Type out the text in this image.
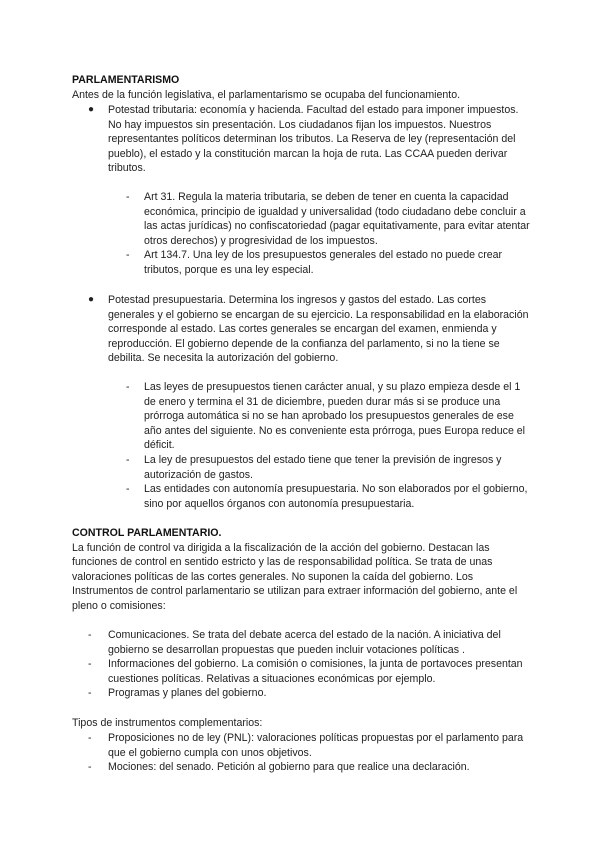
PARLAMENTARISMO
Antes de la función legislativa, el parlamentarismo se ocupaba del funcionamiento.
●	Potestad tributaria: economía y hacienda. Facultad del estado para imponer impuestos. No hay impuestos sin presentación. Los ciudadanos fijan los impuestos. Nuestros representantes políticos determinan los tributos. La Reserva de ley (representación del pueblo), el estado y la constitución marcan la hoja de ruta. Las CCAA pueden derivar tributos.
-	Art 31. Regula la materia tributaria, se deben de tener en cuenta la capacidad económica, principio de igualdad y universalidad (todo ciudadano debe concluir a las actas jurídicas) no confiscatoriedad (pagar equitativamente, para evitar atentar otros derechos) y progresividad de los impuestos.
-	Art 134.7. Una ley de los presupuestos generales del estado no puede crear tributos, porque es una ley especial.
●	Potestad presupuestaria. Determina los ingresos y gastos del estado. Las cortes generales y el gobierno se encargan de su ejercicio. La responsabilidad en la elaboración corresponde al estado. Las cortes generales se encargan del examen, enmienda y reproducción. El gobierno depende de la confianza del parlamento, si no la tiene se debilita. Se necesita la autorización del gobierno.
-	Las leyes de presupuestos tienen carácter anual, y su plazo empieza desde el 1 de enero y termina el 31 de diciembre, pueden durar más si se produce una prórroga automática si no se han aprobado los presupuestos generales de ese año antes del siguiente. No es conveniente esta prórroga, pues Europa reduce el déficit.
-	La ley de presupuestos del estado tiene que tener la previsión de ingresos y autorización de gastos.
-	Las entidades con autonomía presupuestaria. No son elaborados por el gobierno, sino por aquellos órganos con autonomía presupuestaria.
CONTROL PARLAMENTARIO.
La función de control va dirigida a la fiscalización de la acción del gobierno. Destacan las funciones de control en sentido estricto y las de responsabilidad política. Se trata de unas valoraciones políticas de las cortes generales. No suponen la caída del gobierno. Los Instrumentos de control parlamentario se utilizan para extraer información del gobierno, ante el pleno o comisiones:
-	Comunicaciones. Se trata del debate acerca del estado de la nación. A iniciativa del gobierno se desarrollan propuestas que pueden incluir votaciones políticas .
-	Informaciones del gobierno. La comisión o comisiones, la junta de portavoces presentan cuestiones políticas. Relativas a situaciones económicas por ejemplo.
-	Programas y planes del gobierno.
Tipos de instrumentos complementarios:
-	Proposiciones no de ley (PNL): valoraciones políticas propuestas por el parlamento para que el gobierno cumpla con unos objetivos.
-	Mociones: del senado. Petición al gobierno para que realice una declaración.
